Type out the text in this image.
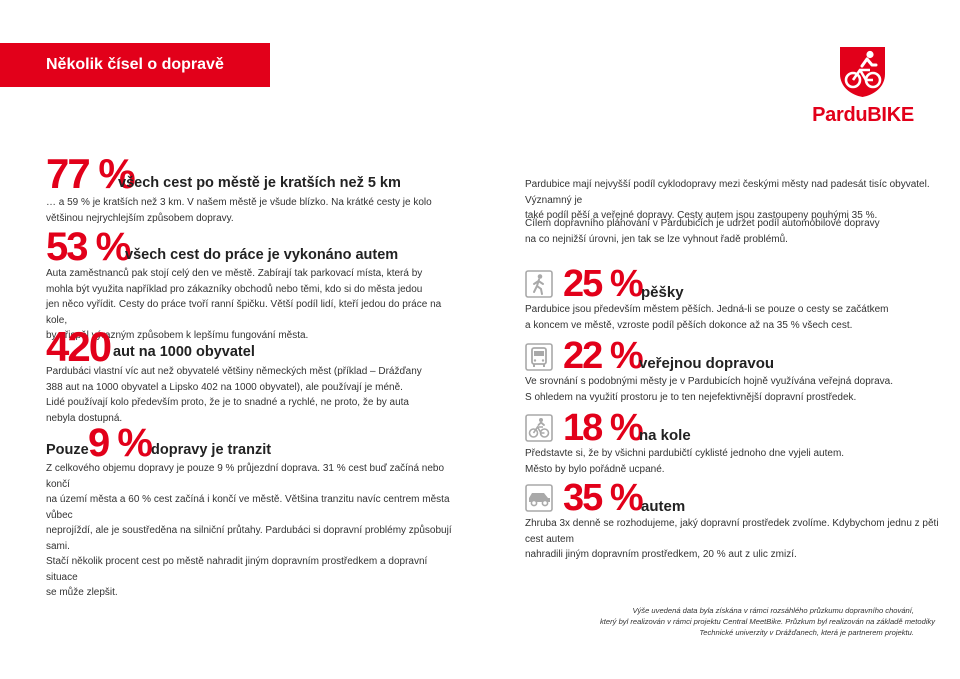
Několik čísel o dopravě
ParduBIKE
77 %
všech cest po městě je kratších než 5 km

… a 59 % je kratších než 3 km. V našem městě je všude blízko. Na krátké cesty je kolo

většinou nejrychlejším způsobem dopravy.

53 %
všech cest do práce je vykonáno autem

Auta zaměstnanců pak stojí celý den ve městě. Zabírají tak parkovací místa, která by

mohla být využita například pro zákazníky obchodů nebo těmi, kdo si do města jedou

jen něco vyřídit. Cesty do práce tvoří ranní špičku. Větší podíl lidí, kteří jedou do práce na kole,

by přispěl výrazným způsobem k lepšímu fungování města.

420 aut na 1000 obyvatel

Pardubáci vlastní víc aut než obyvatelé většiny německých měst (příklad – Drážďany

388 aut na 1000 obyvatel a Lipsko 402 na 1000 obyvatel), ale používají je méně.

Lidé používají kolo především proto, že je to snadné a rychlé, ne proto, že by auta

nebyla dostupná.

Pouze 9 % dopravy je tranzit

Z celkového objemu dopravy je pouze 9 % průjezdní doprava. 31 % cest buď začíná nebo končí

na území města a 60 % cest začíná i končí ve městě. Většina tranzitu navíc centrem města vůbec

neprojíždí, ale je soustředěna na silniční průtahy. Pardubáci si dopravní problémy způsobují sami.

Stačí několik procent cest po městě nahradit jiným dopravním prostředkem a dopravní situace

se může zlepšit.

Pardubice mají nejvyšší podíl cyklodopravy mezi českými městy nad padesát tisíc obyvatel. Významný je

také podíl pěší a veřejné dopravy. Cesty autem jsou zastoupeny pouhými 35 %.

Cílem dopravního plánování v Pardubicích je udržet podíl automobilové dopravy

na co nejnižší úrovni, jen tak se lze vyhnout řadě problémů.

25 % pěšky

Pardubice jsou především městem pěších. Jedná-li se pouze o cesty se začátkem

a koncem ve městě, vzroste podíl pěších dokonce až na 35 % všech cest.

22 %
veřejnou dopravou

Ve srovnání s podobnými městy je v Pardubicích hojně využívána veřejná doprava.

S ohledem na využití prostoru je to ten nejefektivnější dopravní prostředek.

18 %
na kole

Představte si, že by všichni pardubičtí cyklisté jednoho dne vyjeli autem.

Město by bylo pořádně ucpané.

35 % autem

Zhruba 3x denně se rozhodujeme, jaký dopravní prostředek zvolíme. Kdybychom jednu z pěti cest autem

nahradili jiným dopravním prostředkem, 20 % aut z ulic zmizí.

Výše uvedená data byla získána v rámci rozsáhlého průzkumu dopravního chování,
který byl realizován v rámci projektu Central MeetBike. Průzkum byl realizován na základě metodiky
Technické univerzity v Drážďanech, která je partnerem projektu.
